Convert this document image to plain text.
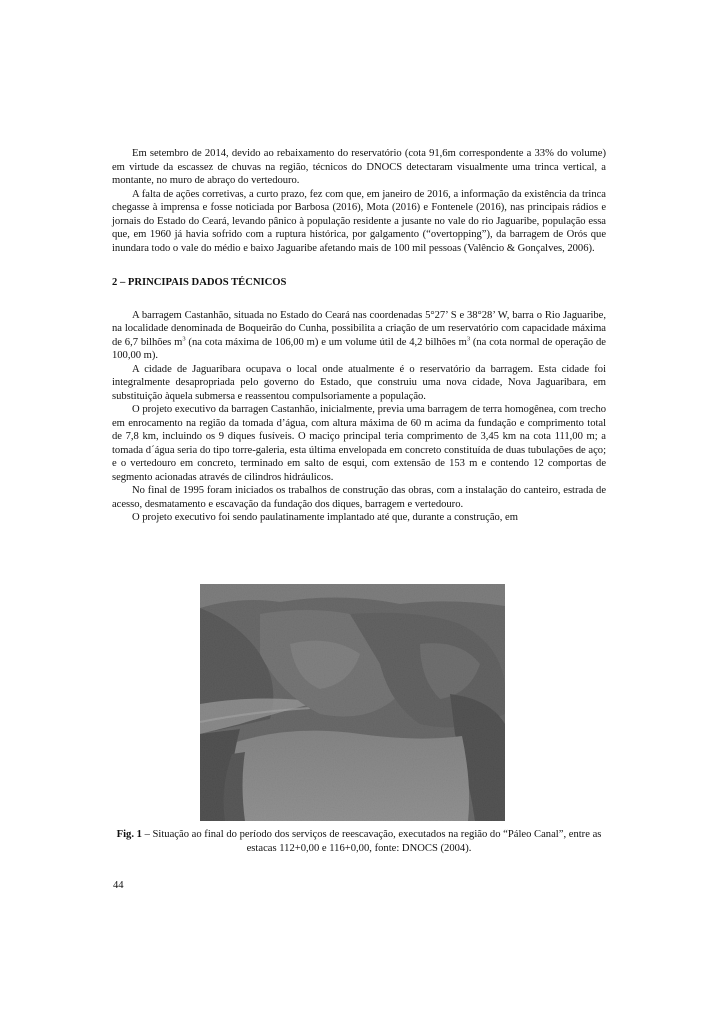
Em setembro de 2014, devido ao rebaixamento do reservatório (cota 91,6m correspondente a 33% do volume) em virtude da escassez de chuvas na região, técnicos do DNOCS detectaram visualmente uma trinca vertical, a montante, no muro de abraço do vertedouro.

A falta de ações corretivas, a curto prazo, fez com que, em janeiro de 2016, a informação da existência da trinca chegasse à imprensa e fosse noticiada por Barbosa (2016), Mota (2016) e Fontenele (2016), nas principais rádios e jornais do Estado do Ceará, levando pânico à população residente a jusante no vale do rio Jaguaribe, população essa que, em 1960 já havia sofrido com a ruptura histórica, por galgamento (“overtopping”), da barragem de Orós que inundara todo o vale do médio e baixo Jaguaribe afetando mais de 100 mil pessoas (Valêncio & Gonçalves, 2006).

2 – PRINCIPAIS DADOS TÉCNICOS

A barragem Castanhão, situada no Estado do Ceará nas coordenadas 5°27’ S e 38°28’ W, barra o Rio Jaguaribe, na localidade denominada de Boqueirão do Cunha, possibilita a criação de um reservatório com capacidade máxima de 6,7 bilhões $m^3$ (na cota máxima de 106,00 m) e um volume útil de 4,2 bilhões $m^3$ (na cota normal de operação de 100,00 m).

A cidade de Jaguaribara ocupava o local onde atualmente é o reservatório da barragem. Esta cidade foi integralmente desapropriada pelo governo do Estado, que construiu uma nova cidade, Nova Jaguaribara, em substituição àquela submersa e reassentou compulsoriamente a população.

O projeto executivo da barragen Castanhão, inicialmente, previa uma barragem de terra homogênea, com trecho em enrocamento na região da tomada d’água, com altura máxima de 60 m acima da fundação e comprimento total de 7,8 km, incluindo os 9 diques fusíveis. O maciço principal teria comprimento de 3,45 km na cota 111,00 m; a tomada d´água seria do tipo torre-galeria, esta última envelopada em concreto constituída de duas tubulações de aço; e o vertedouro em concreto, terminado em salto de esqui, com extensão de 153 m e contendo 12 comportas de segmento acionadas através de cilindros hidráulicos.

No final de 1995 foram iniciados os trabalhos de construção das obras, com a instalação do canteiro, estrada de acesso, desmatamento e escavação da fundação dos diques, barragem e vertedouro.

O projeto executivo foi sendo paulatinamente implantado até que, durante a construção, em

Fig. 1 – Situação ao final do período dos serviços de reescavação, executados na região do “Páleo Canal”, entre as estacas 112+0,00 e 116+0,00, fonte: DNOCS (2004).
44
